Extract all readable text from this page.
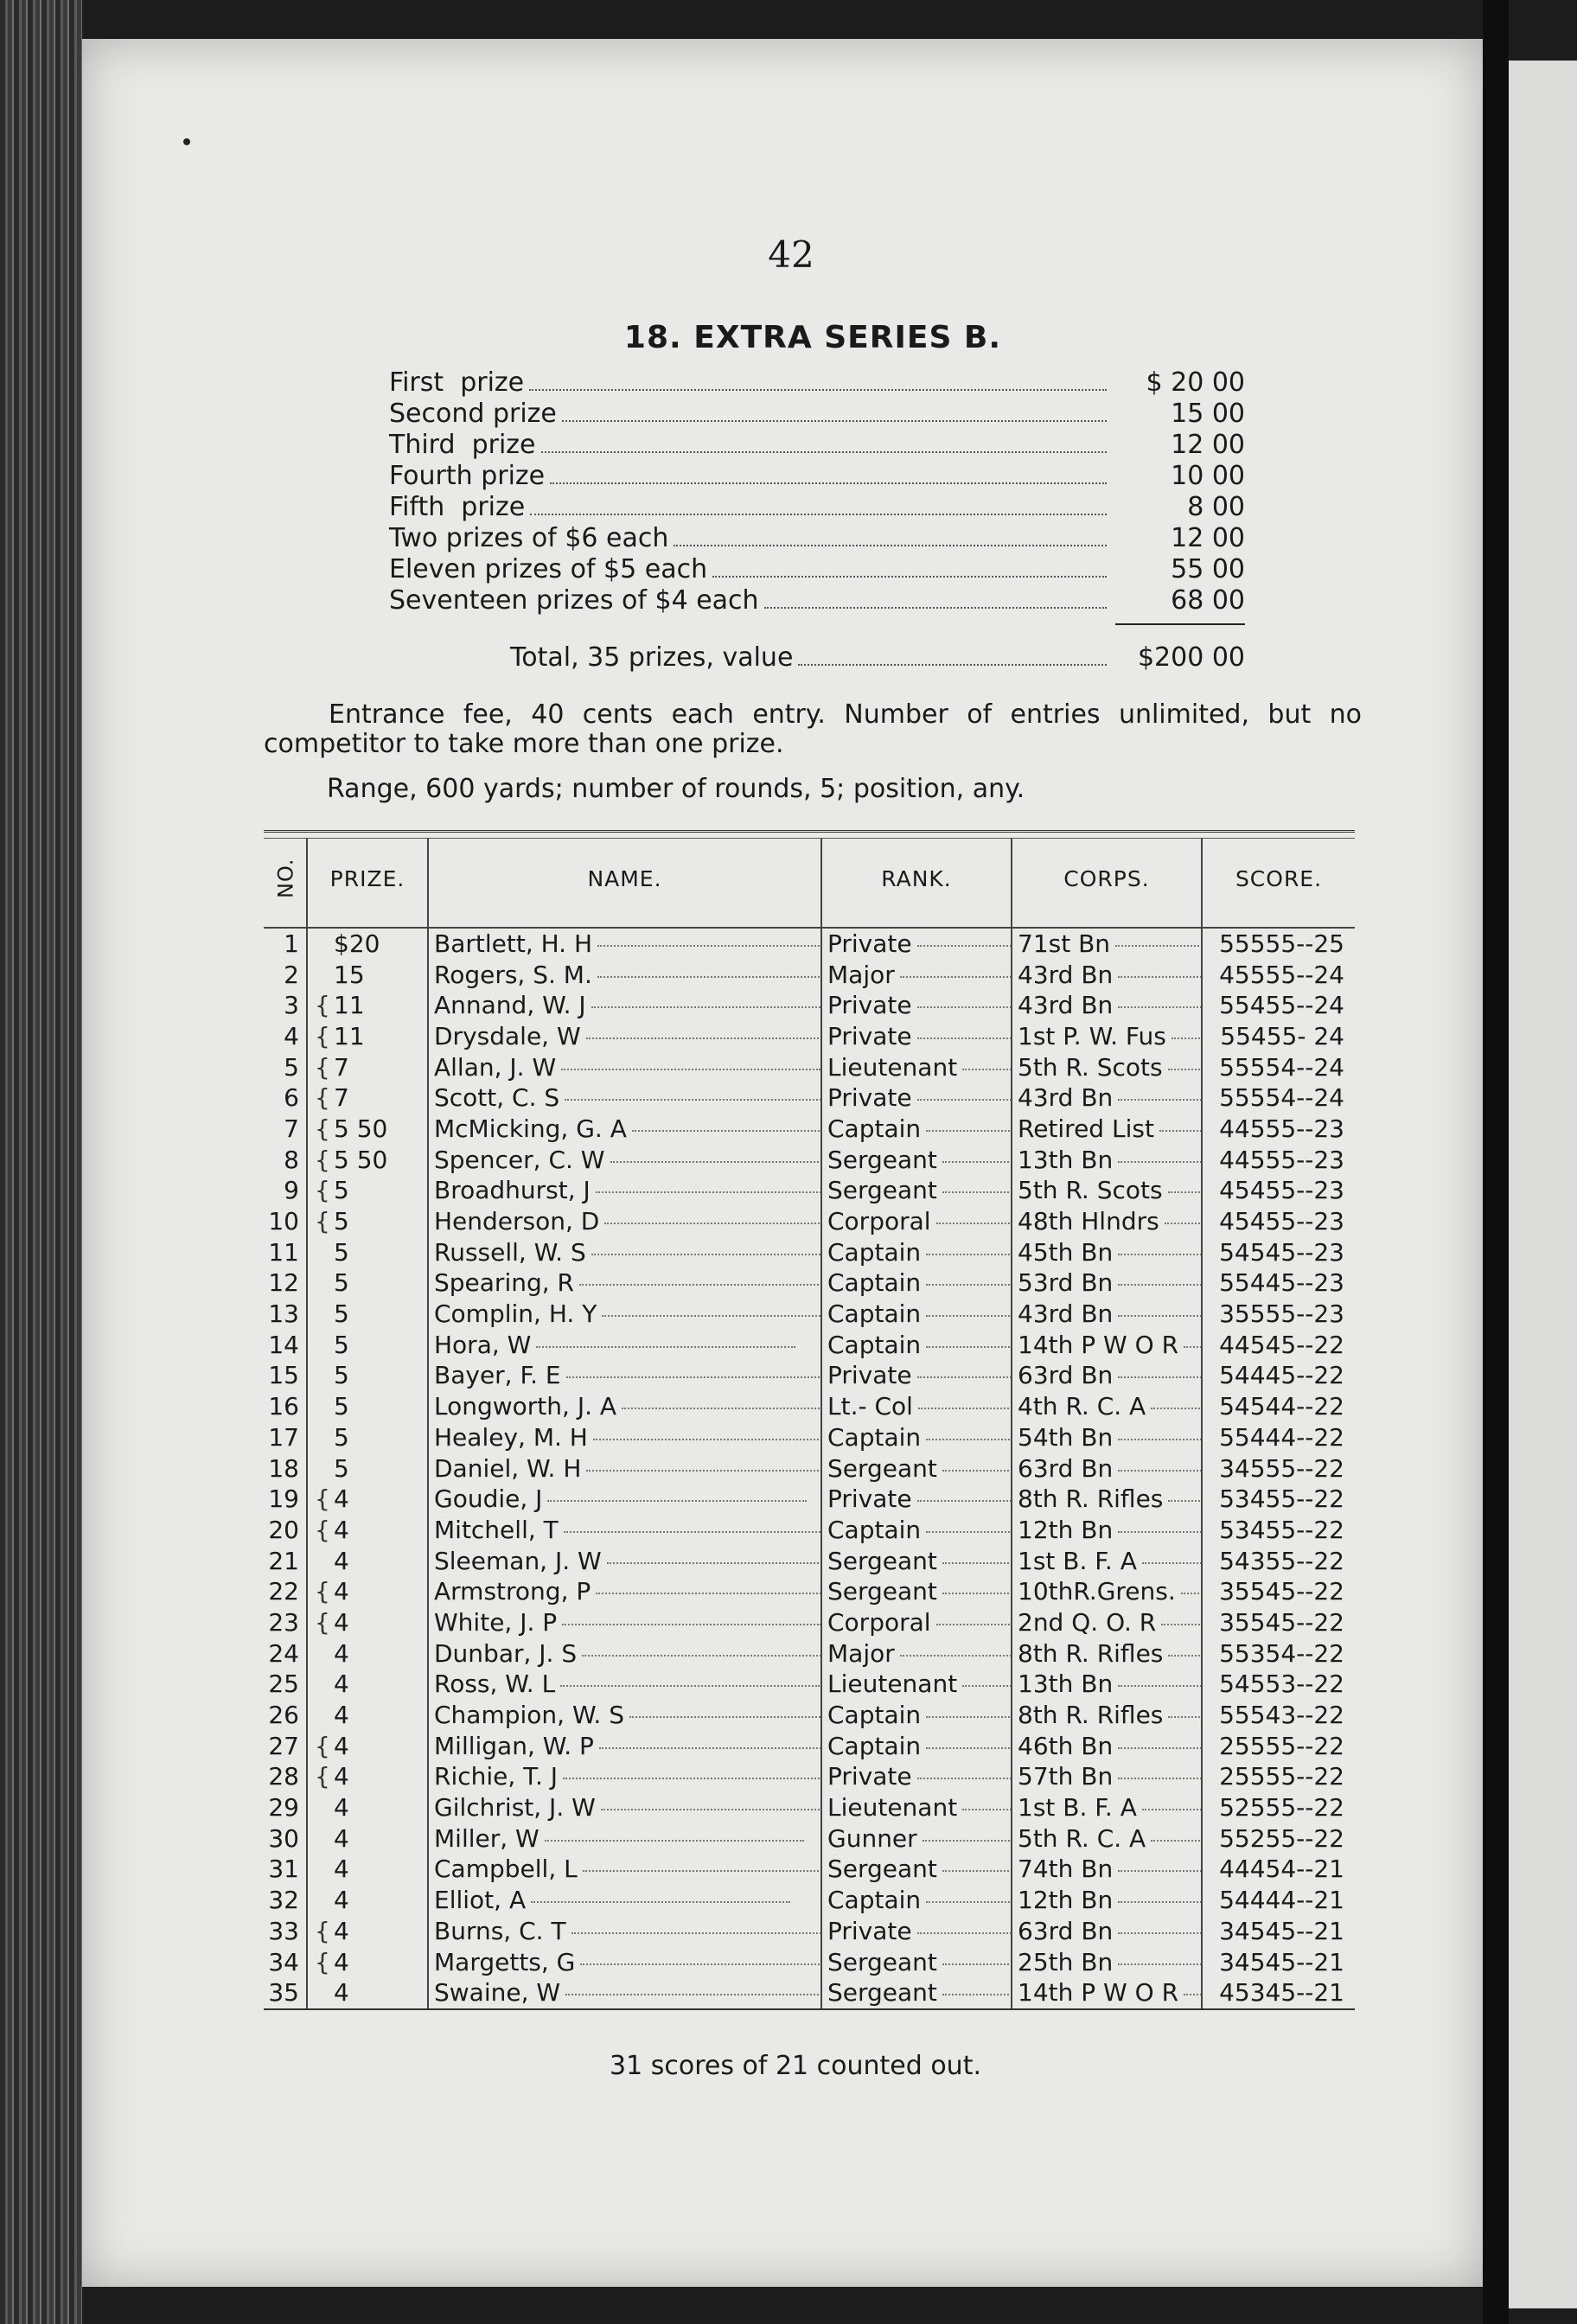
42
18. EXTRA SERIES B.
First  prize	$ 20 00
Second prize	15 00
Third  prize	12 00
Fourth prize	10 00
Fifth  prize	8 00
Two prizes of $6 each	12 00
Eleven prizes of $5 each	55 00
Seventeen prizes of $4 each	68 00
Total, 35 prizes, value	$200 00
Entrance fee, 40 cents each entry. Number of entries unlimited, but no competitor to take more than one prize.
Range, 600 yards; number of rounds, 5; position, any.
NO.	PRIZE.	NAME.	RANK.	CORPS.	SCORE.

1	$20	Bartlett, H. H	Private	71st Bn	55555--25
2	15	Rogers, S. M.	Major	43rd Bn	45555--24
3	{ 11	Annand, W. J	Private	43rd Bn	55455--24
4	{ 11	Drysdale, W	Private	1st P. W. Fus	55455- 24
5	{ 7	Allan, J. W	Lieutenant	5th R. Scots	55554--24
6	{ 7	Scott, C. S	Private	43rd Bn	55554--24
7	{ 5 50	McMicking, G. A	Captain	Retired List	44555--23
8	{ 5 50	Spencer, C. W	Sergeant	13th Bn	44555--23
9	{ 5	Broadhurst, J	Sergeant	5th R. Scots	45455--23
10	{ 5	Henderson, D	Corporal	48th Hlndrs	45455--23
11	5	Russell, W. S	Captain	45th Bn	54545--23
12	5	Spearing, R	Captain	53rd Bn	55445--23
13	5	Complin, H. Y	Captain	43rd Bn	35555--23
14	5	Hora, W	Captain	14th P W O R	44545--22
15	5	Bayer, F. E	Private	63rd Bn	54445--22
16	5	Longworth, J. A	Lt.- Col	4th R. C. A	54544--22
17	5	Healey, M. H	Captain	54th Bn	55444--22
18	5	Daniel, W. H	Sergeant	63rd Bn	34555--22
19	{ 4	Goudie, J	Private	8th R. Rifles	53455--22
20	{ 4	Mitchell, T	Captain	12th Bn	53455--22
21	4	Sleeman, J. W	Sergeant	1st B. F. A	54355--22
22	{ 4	Armstrong, P	Sergeant	10thR.Grens.	35545--22
23	{ 4	White, J. P	Corporal	2nd Q. O. R	35545--22
24	4	Dunbar, J. S	Major	8th R. Rifles	55354--22
25	4	Ross, W. L	Lieutenant	13th Bn	54553--22
26	4	Champion, W. S	Captain	8th R. Rifles	55543--22
27	{ 4	Milligan, W. P	Captain	46th Bn	25555--22
28	{ 4	Richie, T. J	Private	57th Bn	25555--22
29	4	Gilchrist, J. W	Lieutenant	1st B. F. A	52555--22
30	4	Miller, W	Gunner	5th R. C. A	55255--22
31	4	Campbell, L	Sergeant	74th Bn	44454--21
32	4	Elliot, A	Captain	12th Bn	54444--21
33	{ 4	Burns, C. T	Private	63rd Bn	34545--21
34	{ 4	Margetts, G	Sergeant	25th Bn	34545--21
35	4	Swaine, W	Sergeant	14th P W O R	45345--21
31 scores of 21 counted out.
